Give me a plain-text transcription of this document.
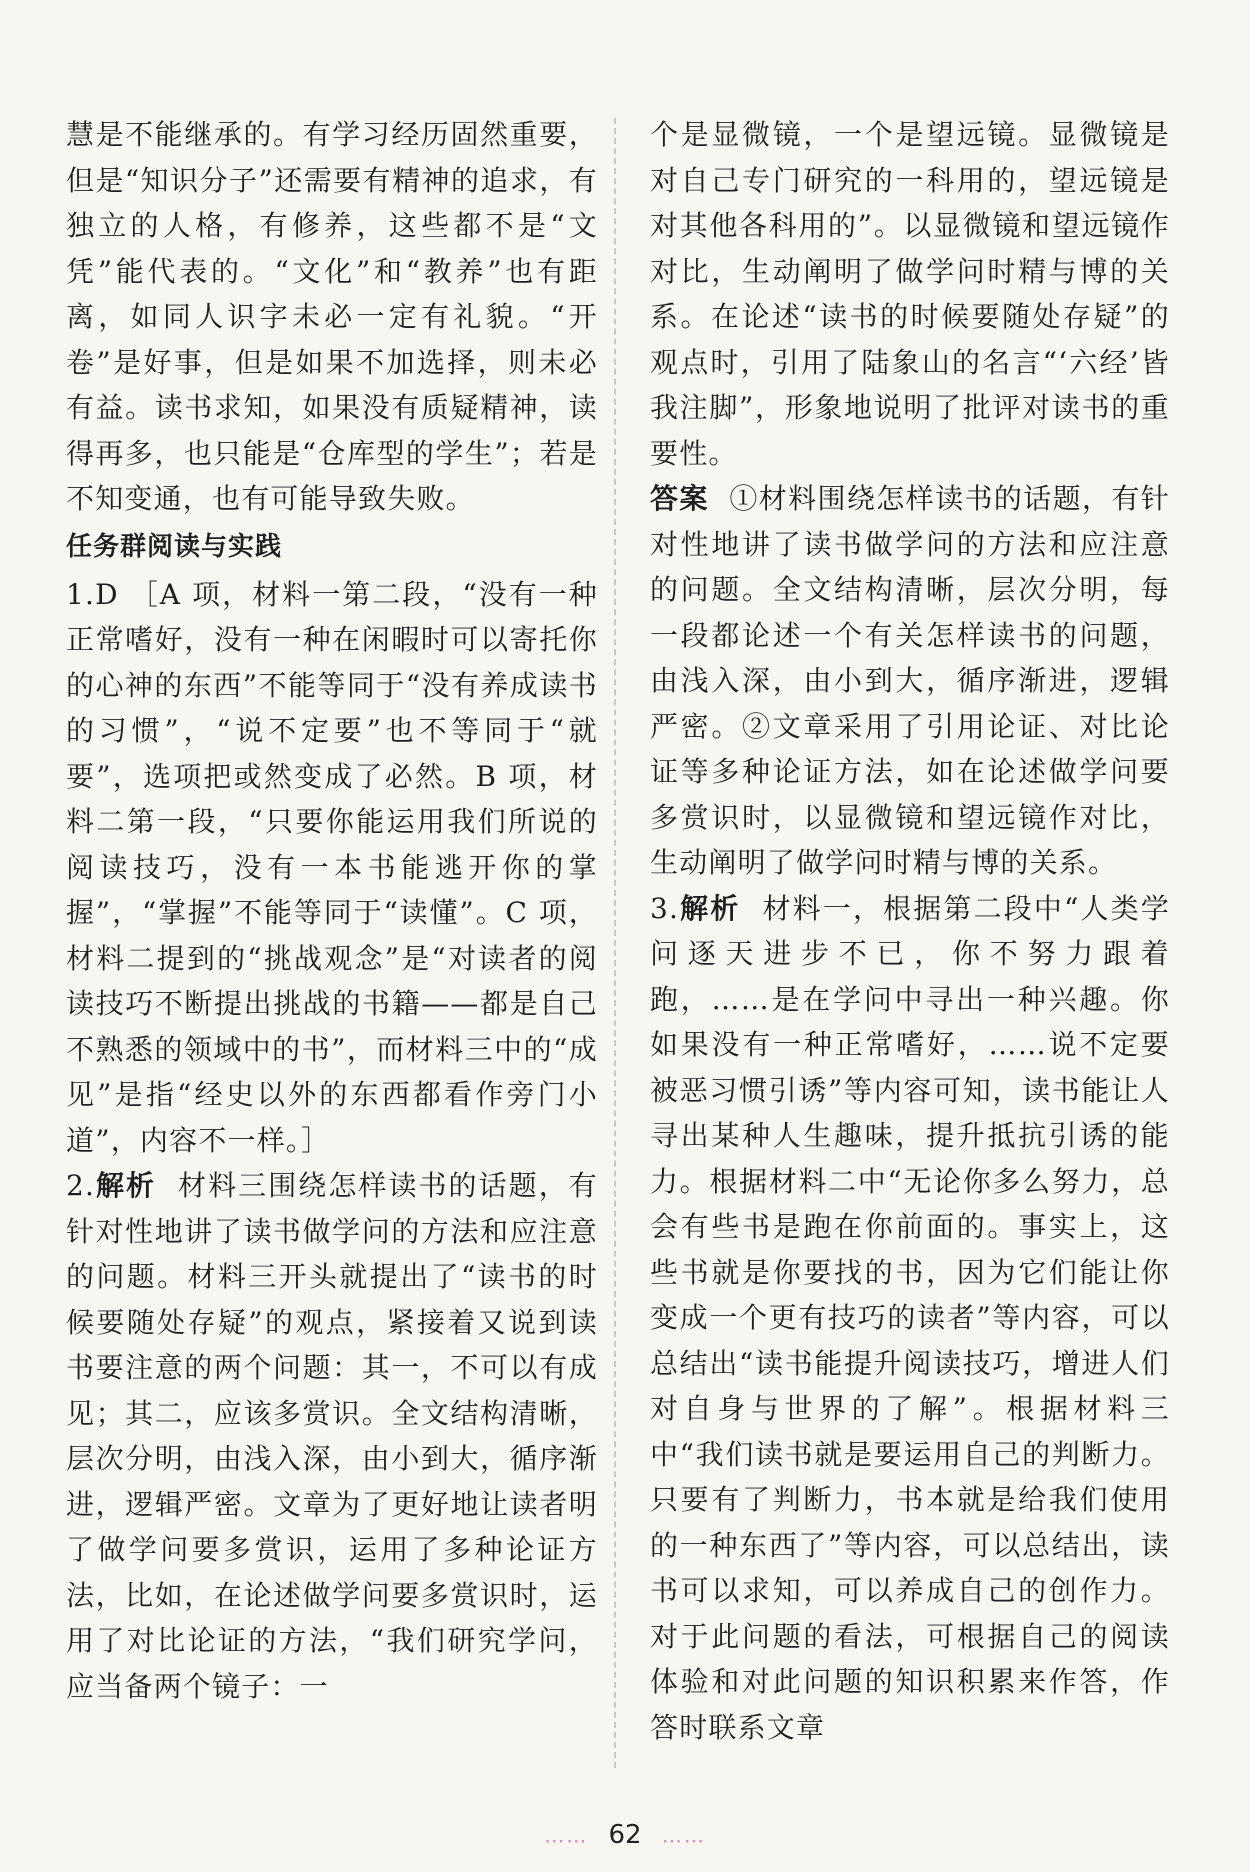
慧是不能继承的。有学习经历固然重要，但是“知识分子”还需要有精神的追求，有独立的人格，有修养，这些都不是“文凭”能代表的。“文化”和“教养”也有距离，如同人识字未必一定有礼貌。“开卷”是好事，但是如果不加选择，则未必有益。读书求知，如果没有质疑精神，读得再多，也只能是“仓库型的学生”；若是不知变通，也有可能导致失败。

任务群阅读与实践

1.D ［A 项，材料一第二段，“没有一种正常嗜好，没有一种在闲暇时可以寄托你的心神的东西”不能等同于“没有养成读书的习惯”，“说不定要”也不等同于“就要”，选项把或然变成了必然。B 项，材料二第一段，“只要你能运用我们所说的阅读技巧，没有一本书能逃开你的掌握”，“掌握”不能等同于“读懂”。C 项，材料二提到的“挑战观念”是“对读者的阅读技巧不断提出挑战的书籍——都是自己不熟悉的领域中的书”，而材料三中的“成见”是指“经史以外的东西都看作旁门小道”，内容不一样。］

2.解析 材料三围绕怎样读书的话题，有针对性地讲了读书做学问的方法和应注意的问题。材料三开头就提出了“读书的时候要随处存疑”的观点，紧接着又说到读书要注意的两个问题：其一，不可以有成见；其二，应该多赏识。全文结构清晰，层次分明，由浅入深，由小到大，循序渐进，逻辑严密。文章为了更好地让读者明了做学问要多赏识，运用了多种论证方法，比如，在论述做学问要多赏识时，运用了对比论证的方法，“我们研究学问，应当备两个镜子：一

个是显微镜，一个是望远镜。显微镜是对自己专门研究的一科用的，望远镜是对其他各科用的”。以显微镜和望远镜作对比，生动阐明了做学问时精与博的关系。在论述“读书的时候要随处存疑”的观点时，引用了陆象山的名言“‘六经’皆我注脚”，形象地说明了批评对读书的重要性。

答案 ①材料围绕怎样读书的话题，有针对性地讲了读书做学问的方法和应注意的问题。全文结构清晰，层次分明，每一段都论述一个有关怎样读书的问题，由浅入深，由小到大，循序渐进，逻辑严密。②文章采用了引用论证、对比论证等多种论证方法，如在论述做学问要多赏识时，以显微镜和望远镜作对比，生动阐明了做学问时精与博的关系。

3.解析 材料一，根据第二段中“人类学问逐天进步不已，你不努力跟着跑，……是在学问中寻出一种兴趣。你如果没有一种正常嗜好，……说不定要被恶习惯引诱”等内容可知，读书能让人寻出某种人生趣味，提升抵抗引诱的能力。根据材料二中“无论你多么努力，总会有些书是跑在你前面的。事实上，这些书就是你要找的书，因为它们能让你变成一个更有技巧的读者”等内容，可以总结出“读书能提升阅读技巧，增进人们对自身与世界的了解”。根据材料三中“我们读书就是要运用自己的判断力。只要有了判断力，书本就是给我们使用的一种东西了”等内容，可以总结出，读书可以求知，可以养成自己的创作力。对于此问题的看法，可根据自己的阅读体验和对此问题的知识积累来作答，作答时联系文章

…… 62 ……
